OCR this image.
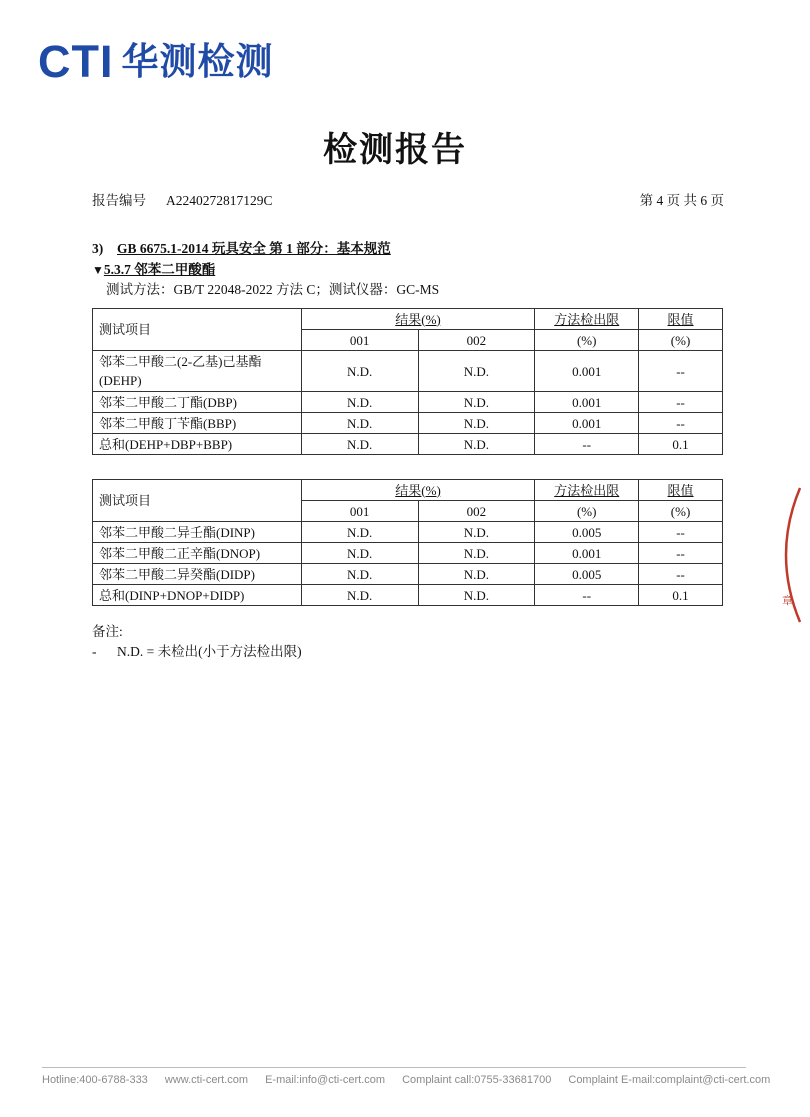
CTI 华测检测
检测报告
报告编号 A2240272817129C	第 4 页 共 6 页
3) GB 6675.1-2014 玩具安全 第 1 部分：基本规范
▼5.3.7 邻苯二甲酸酯
测试方法：GB/T 22048-2022 方法 C；测试仪器：GC-MS
测试项目	结果(%)		方法检出限	限值
	001	002	(%)	(%)
邻苯二甲酸二(2-乙基)己基酯(DEHP)	N.D.	N.D.	0.001	--
邻苯二甲酸二丁酯(DBP)	N.D.	N.D.	0.001	--
邻苯二甲酸丁苄酯(BBP)	N.D.	N.D.	0.001	--
总和(DEHP+DBP+BBP)	N.D.	N.D.	--	0.1
测试项目	结果(%)		方法检出限	限值
	001	002	(%)	(%)
邻苯二甲酸二异壬酯(DINP)	N.D.	N.D.	0.005	--
邻苯二甲酸二正辛酯(DNOP)	N.D.	N.D.	0.001	--
邻苯二甲酸二异癸酯(DIDP)	N.D.	N.D.	0.005	--
总和(DINP+DNOP+DIDP)	N.D.	N.D.	--	0.1
备注:
- N.D. = 未检出(小于方法检出限)
章
Hotline:400-6788-333 www.cti-cert.com E-mail:info@cti-cert.com Complaint call:0755-33681700 Complaint E-mail:complaint@cti-cert.com
